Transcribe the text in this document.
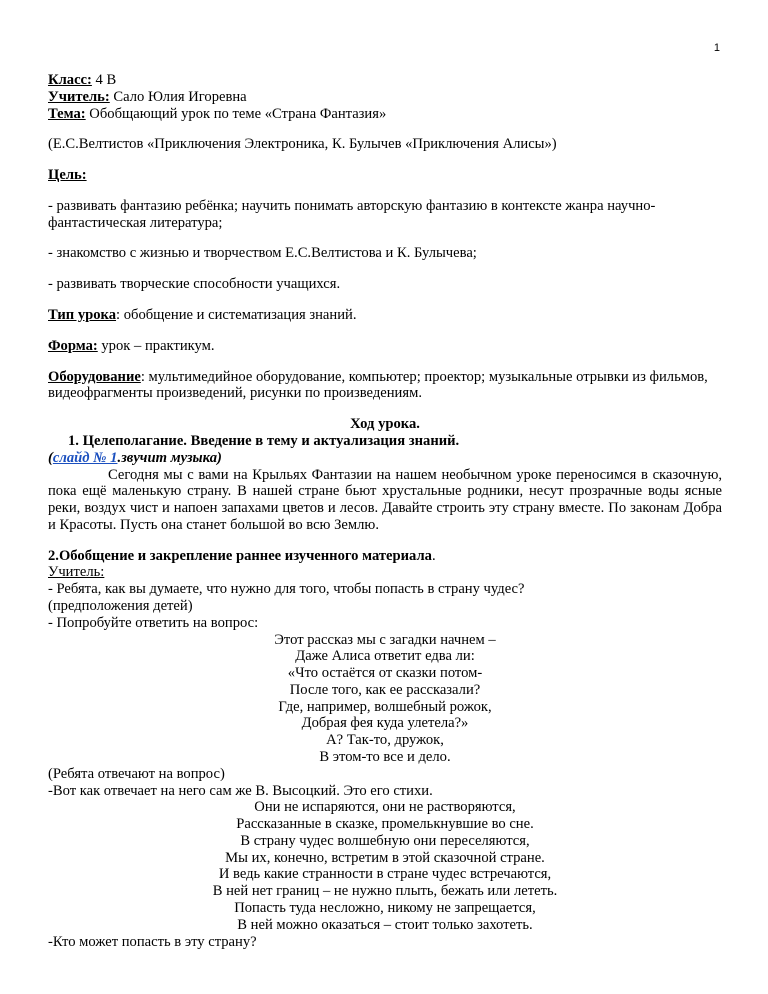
1

Класс: 4 В

Учитель: Сало Юлия Игоревна

Тема: Обобщающий урок по теме «Страна Фантазия»

(Е.С.Велтистов «Приключения Электроника, К. Булычев «Приключения Алисы»)

Цель:

- развивать фантазию ребёнка; научить понимать авторскую фантазию в контексте жанра научно-фантастическая литература;

- знакомство с жизнью и творчеством Е.С.Велтистова и К. Булычева;

- развивать творческие способности учащихся.

Тип урока: обобщение и систематизация знаний.

Форма: урок – практикум.

Оборудование: мультимедийное оборудование, компьютер; проектор; музыкальные отрывки из фильмов, видеофрагменты произведений, рисунки по произведениям.

Ход урока.

1. Целеполагание. Введение в тему и актуализация знаний.

(слайд № 1.звучит музыка)

Сегодня мы с вами на Крыльях Фантазии на нашем необычном уроке переносимся в сказочную, пока ещё маленькую страну. В нашей стране бьют хрустальные родники, несут прозрачные воды ясные реки, воздух чист и напоен запахами цветов и лесов. Давайте строить эту страну вместе. По законам Добра и Красоты. Пусть она станет большой во всю Землю.

2.Обобщение и закрепление раннее изученного материала.

Учитель:

- Ребята, как вы думаете, что нужно для того, чтобы попасть в страну чудес?

(предположения детей)

- Попробуйте ответить на вопрос:

Этот рассказ мы с загадки начнем –

Даже Алиса ответит едва ли:

«Что остаётся от сказки потом-

После того, как ее рассказали?

Где, например, волшебный рожок,

Добрая фея куда улетела?»

А? Так-то, дружок,

В этом-то все и дело.

(Ребята отвечают на вопрос)

-Вот как отвечает на него сам же В. Высоцкий. Это его стихи.

Они не испаряются, они не растворяются,

Рассказанные в сказке, промелькнувшие во сне.

В страну чудес волшебную они переселяются,

Мы их, конечно, встретим в этой сказочной стране.

И ведь какие странности в стране чудес встречаются,

В ней нет границ – не нужно плыть, бежать или лететь.

Попасть туда несложно, никому не запрещается,

В ней можно оказаться – стоит только захотеть.

-Кто может попасть в эту страну?
